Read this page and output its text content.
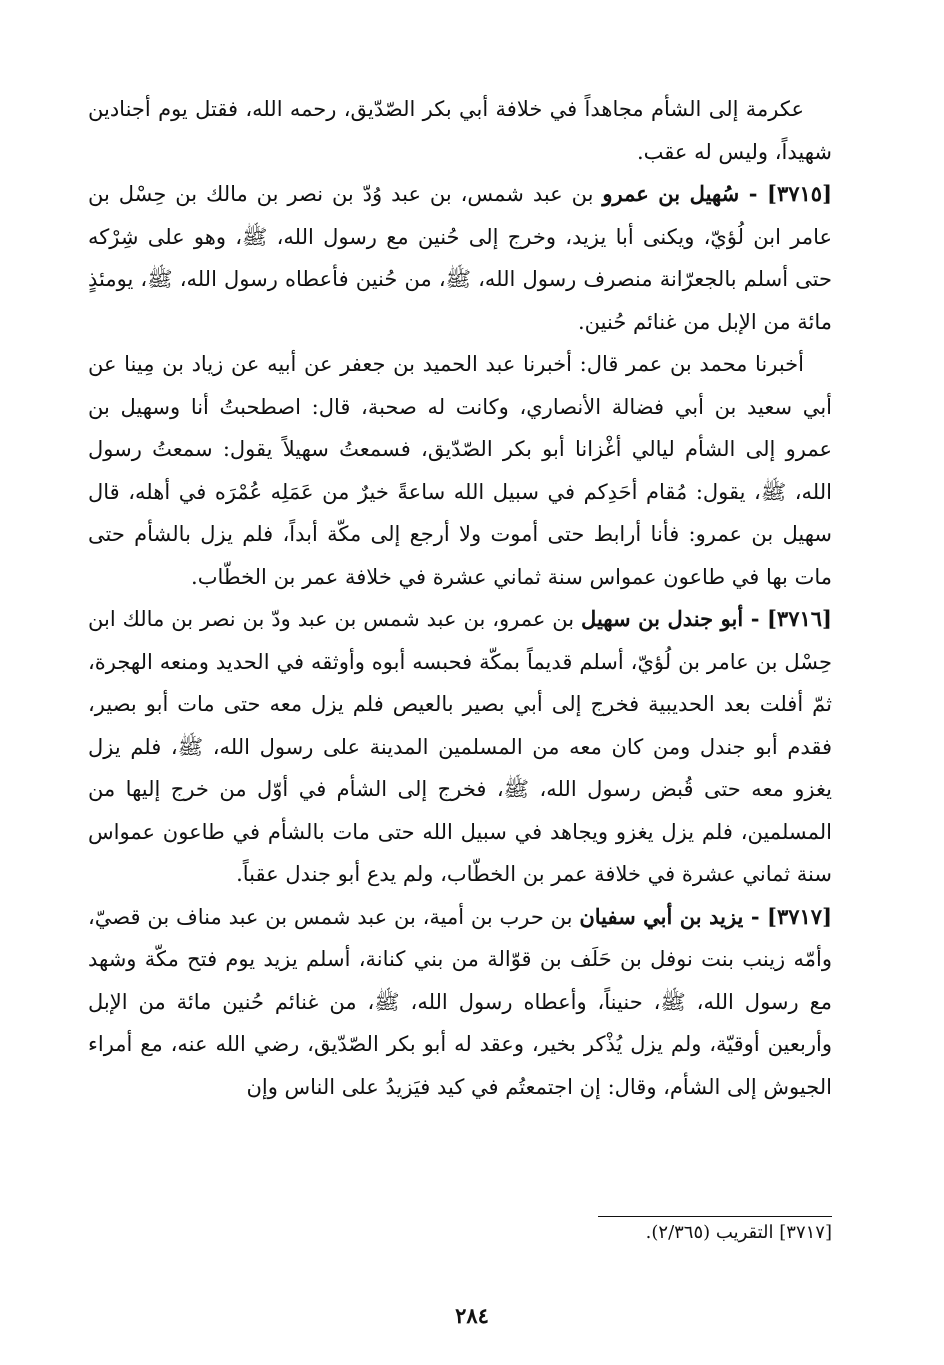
عكرمة إلى الشأم مجاهداً في خلافة أبي بكر الصّدّيق، رحمه الله، فقتل يوم أجنادين شهيداً، وليس له عقب.

[٣٧١٥] - سُهيل بن عمرو بن عبد شمس، بن عبد وُدّ بن نصر بن مالك بن حِسْل بن عامر ابن لُؤيّ، ويكنى أبا يزيد، وخرج إلى حُنين مع رسول الله، ﷺ، وهو على شِرْكه حتى أسلم بالجعرّانة منصرف رسول الله، ﷺ، من حُنين فأعطاه رسول الله، ﷺ، يومئذٍ مائة من الإبل من غنائم حُنين.

أخبرنا محمد بن عمر قال: أخبرنا عبد الحميد بن جعفر عن أبيه عن زياد بن مِينا عن أبي سعيد بن أبي فضالة الأنصاري، وكانت له صحبة، قال: اصطحبتُ أنا وسهيل بن عمرو إلى الشأم ليالي أغْزانا أبو بكر الصّدّيق، فسمعتُ سهيلاً يقول: سمعتُ رسول الله، ﷺ، يقول: مُقام أحَدِكم في سبيل الله ساعةً خيرٌ من عَمَلِه عُمْرَه في أهله، قال سهيل بن عمرو: فأنا أرابط حتى أموت ولا أرجع إلى مكّة أبداً، فلم يزل بالشأم حتى مات بها في طاعون عمواس سنة ثماني عشرة في خلافة عمر بن الخطّاب.

[٣٧١٦] - أبو جندل بن سهيل بن عمرو، بن عبد شمس بن عبد ودّ بن نصر بن مالك ابن حِسْل بن عامر بن لُؤيّ، أسلم قديماً بمكّة فحبسه أبوه وأوثقه في الحديد ومنعه الهجرة، ثمّ أفلت بعد الحديبية فخرج إلى أبي بصير بالعيص فلم يزل معه حتى مات أبو بصير، فقدم أبو جندل ومن كان معه من المسلمين المدينة على رسول الله، ﷺ، فلم يزل يغزو معه حتى قُبض رسول الله، ﷺ، فخرج إلى الشأم في أوّل من خرج إليها من المسلمين، فلم يزل يغزو ويجاهد في سبيل الله حتى مات بالشأم في طاعون عمواس سنة ثماني عشرة في خلافة عمر بن الخطّاب، ولم يدع أبو جندل عقباً.

[٣٧١٧] - يزيد بن أبي سفيان بن حرب بن أمية، بن عبد شمس بن عبد مناف بن قصيّ، وأمّه زينب بنت نوفل بن حَلَف بن قوّالة من بني كنانة، أسلم يزيد يوم فتح مكّة وشهد مع رسول الله، ﷺ، حنيناً، وأعطاه رسول الله، ﷺ، من غنائم حُنين مائة من الإبل وأربعين أوقيّة، ولم يزل يُذْكر بخير، وعقد له أبو بكر الصّدّيق، رضي الله عنه، مع أمراء الجيوش إلى الشأم، وقال: إن اجتمعتُم في كيد فيَزيدُ على الناس وإن

[٣٧١٧] التقريب (٢/٣٦٥).
٢٨٤
